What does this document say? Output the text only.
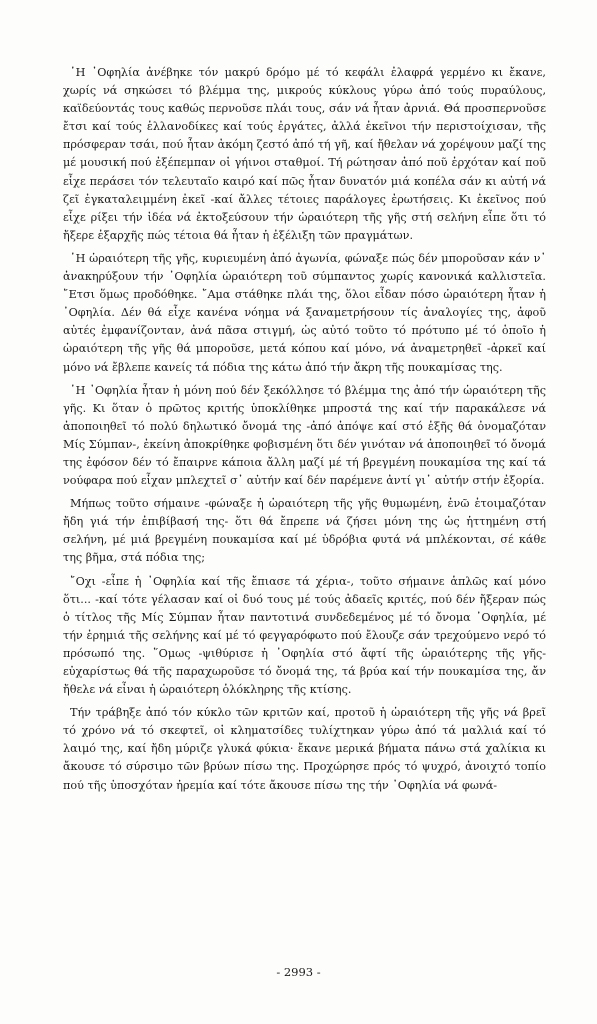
῾Η ᾿Οφηλία ἀνέβηκε τόν μακρύ δρόμο μέ τό κεφάλι ἐλαφρά γερμένο κι ἔκανε, χωρίς νά σηκώσει τό βλέμμα της, μικρούς κύκλους γύρω ἀπό τούς πυραύλους, καϊδεύοντάς τους καθώς περνοῦσε πλάι τους, σάν νά ἦταν ἀρνιά. Θά προσπερνοῦσε ἔτσι καί τούς ἑλλανοδίκες καί τούς ἐργάτες, ἀλλά ἐκεῖνοι τήν περιστοίχισαν, τῆς πρόσφεραν τσάι, πού ἦταν ἀκόμη ζεστό ἀπό τή γῆ, καί ἤθελαν νά χορέψουν μαζί της μέ μουσική πού ἐξέπεμπαν οἱ γήινοι σταθμοί. Τή ρώτησαν ἀπό ποῦ ἐρχόταν καί ποῦ εἶχε περάσει τόν τελευταῖο καιρό καί πῶς ἦταν δυνατόν μιά κοπέλα σάν κι αὐτή νά ζεῖ ἐγκαταλειμμένη ἐκεῖ -καί ἄλλες τέτοιες παράλογες ἐρωτήσεις. Κι ἐκεῖνος πού εἶχε ρίξει τήν ἰδέα νά ἐκτοξεύσουν τήν ὡραιότερη τῆς γῆς στή σελήνη εἶπε ὅτι τό ἤξερε ἐξαρχῆς πώς τέτοια θά ἦταν ἡ ἐξέλιξη τῶν πραγμάτων.

῾Η ὡραιότερη τῆς γῆς, κυριευμένη ἀπό ἀγωνία, φώναξε πώς δέν μποροῦσαν κάν ν᾿ ἀνακηρύξουν τήν ᾿Οφηλία ὡραιότερη τοῦ σύμπαντος χωρίς κανονικά καλλιστεῖα. ῎Ετσι ὅμως προδόθηκε. ῎Αμα στάθηκε πλάι της, ὅλοι εἶδαν πόσο ὡραιότερη ἦταν ἡ ᾿Οφηλία. Δέν θά εἶχε κανένα νόημα νά ξαναμετρήσουν τίς ἀναλογίες της, ἀφοῦ αὐτές ἐμφανίζονταν, ἀνά πᾶσα στιγμή, ὡς αὐτό τοῦτο τό πρότυπο μέ τό ὁποῖο ἡ ὡραιότερη τῆς γῆς θά μποροῦσε, μετά κόπου καί μόνο, νά ἀναμετρηθεῖ -ἀρκεῖ καί μόνο νά ἔβλεπε κανείς τά πόδια της κάτω ἀπό τήν ἄκρη τῆς πουκαμίσας της.

῾Η ᾿Οφηλία ἦταν ἡ μόνη πού δέν ξεκόλλησε τό βλέμμα της ἀπό τήν ὡραιότερη τῆς γῆς. Κι ὅταν ὁ πρῶτος κριτής ὑποκλίθηκε μπροστά της καί τήν παρακάλεσε νά ἀποποιηθεῖ τό πολύ δηλωτικό ὄνομά της -ἀπό ἀπόψε καί στό ἑξῆς θά ὀνομαζόταν Μίς Σύμπαν-, ἐκείνη ἀποκρίθηκε φοβισμένη ὅτι δέν γινόταν νά ἀποποιηθεῖ τό ὄνομά της ἐφόσον δέν τό ἔπαιρνε κάποια ἄλλη μαζί μέ τή βρεγμένη πουκαμίσα της καί τά νούφαρα πού εἶχαν μπλεχτεῖ σ᾿ αὐτήν καί δέν παρέμενε ἀντί γι᾿ αὐτήν στήν ἐξορία.

Μήπως τοῦτο σήμαινε -φώναξε ἡ ὡραιότερη τῆς γῆς θυμωμένη, ἐνῶ ἑτοιμαζόταν ἤδη γιά τήν ἐπιβίβασή της- ὅτι θά ἔπρεπε νά ζήσει μόνη της ὡς ἡττημένη στή σελήνη, μέ μιά βρεγμένη πουκαμίσα καί μέ ὑδρόβια φυτά νά μπλέκονται, σέ κάθε της βῆμα, στά πόδια της;

῎Οχι -εἶπε ἡ ᾿Οφηλία καί τῆς ἔπιασε τά χέρια-, τοῦτο σήμαινε ἁπλῶς καί μόνο ὅτι... -καί τότε γέλασαν καί οἱ δυό τους μέ τούς ἀδαεῖς κριτές, πού δέν ἤξεραν πώς ὁ τίτλος τῆς Μίς Σύμπαν ἦταν παντοτινά συνδεδεμένος μέ τό ὄνομα ᾿Οφηλία, μέ τήν ἐρημιά τῆς σελήνης καί μέ τό φεγγαρόφωτο πού ἔλουζε σάν τρεχούμενο νερό τό πρόσωπό της. ῞Ομως -ψιθύρισε ἡ ᾿Οφηλία στό ἄφτί τῆς ὡραιότερης τῆς γῆς- εὐχαρίστως θά τῆς παραχωροῦσε τό ὄνομά της, τά βρύα καί τήν πουκαμίσα της, ἄν ἤθελε νά εἶναι ἡ ὡραιότερη ὁλόκληρης τῆς κτίσης.

Τήν τράβηξε ἀπό τόν κύκλο τῶν κριτῶν καί, προτοῦ ἡ ὡραιότερη τῆς γῆς νά βρεῖ τό χρόνο νά τό σκεφτεῖ, οἱ κληματσίδες τυλίχτηκαν γύρω ἀπό τά μαλλιά καί τό λαιμό της, καί ἤδη μύριζε γλυκά φύκια· ἔκανε μερικά βήματα πάνω στά χαλίκια κι ἄκουσε τό σύρσιμο τῶν βρύων πίσω της. Προχώρησε πρός τό ψυχρό, ἀνοιχτό τοπίο πού τῆς ὑποσχόταν ἠρεμία καί τότε ἄκουσε πίσω της τήν ᾿Οφηλία νά φωνά-

- 2993 -
